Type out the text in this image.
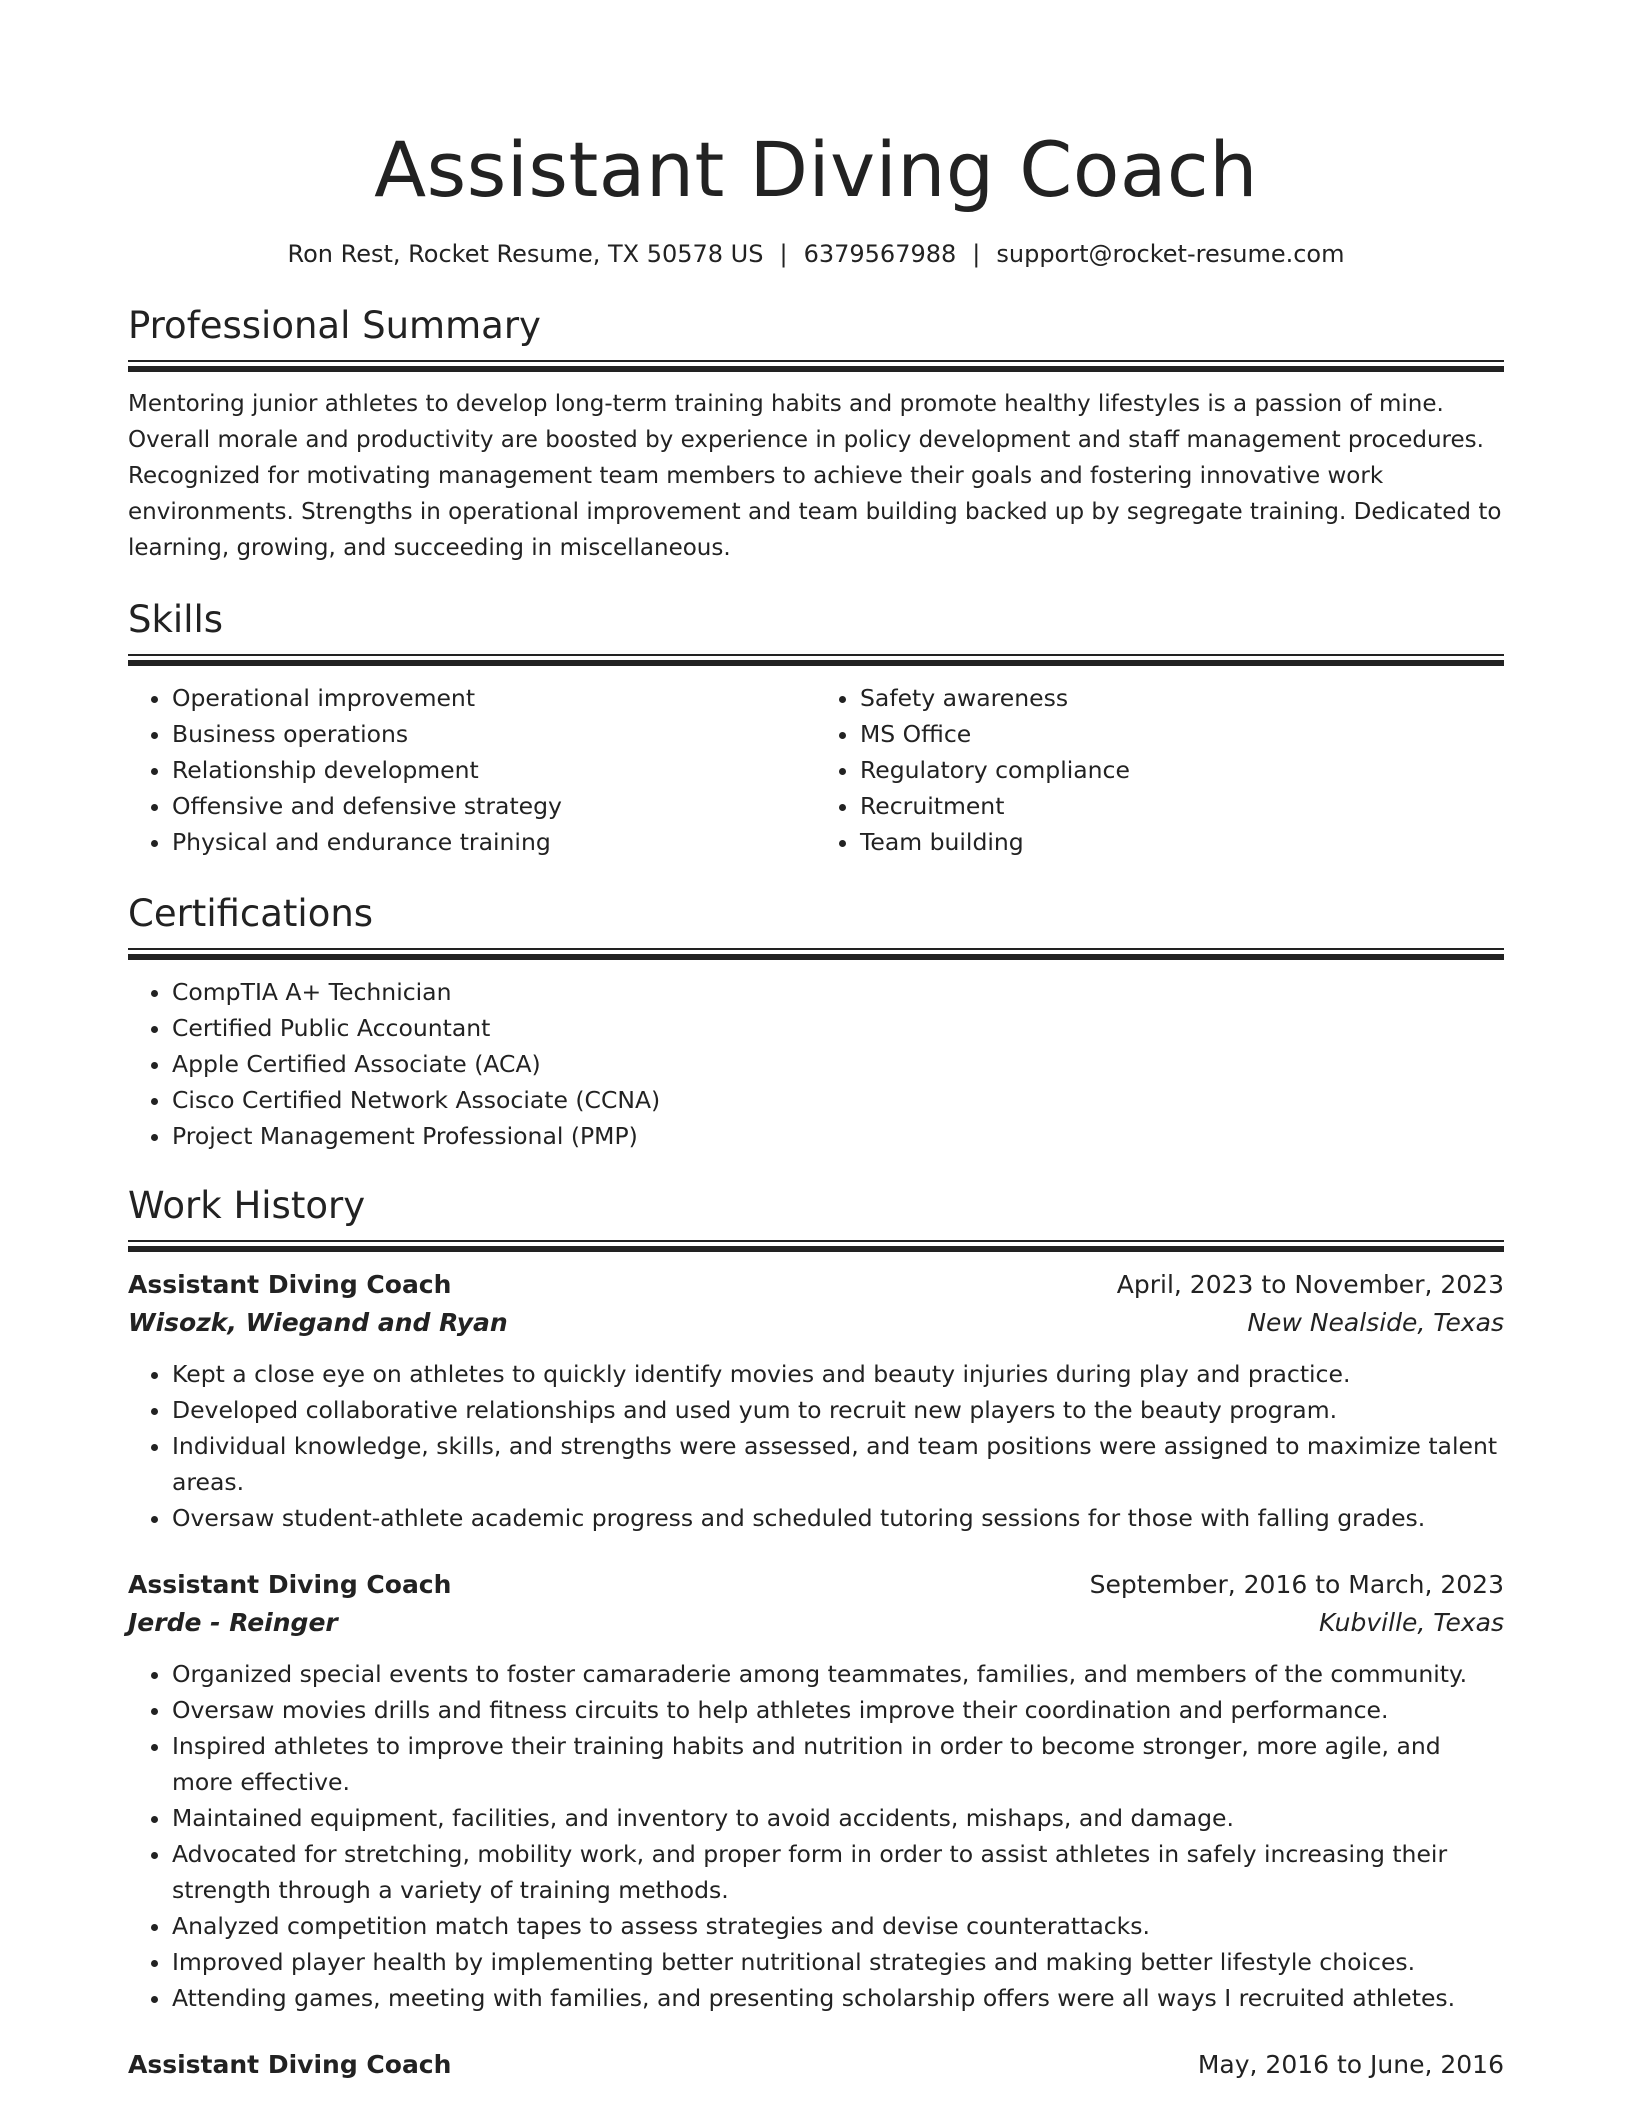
Assistant Diving Coach
Ron Rest, Rocket Resume, TX 50578 US | 6379567988 | support@rocket-resume.com
Professional Summary

Mentoring junior athletes to develop long-term training habits and promote healthy lifestyles is a passion of mine. Overall morale and productivity are boosted by experience in policy development and staff management procedures. Recognized for motivating management team members to achieve their goals and fostering innovative work environments. Strengths in operational improvement and team building backed up by segregate training. Dedicated to learning, growing, and succeeding in miscellaneous.

Skills
• Operational improvement
• Business operations
• Relationship development
• Offensive and defensive strategy
• Physical and endurance training
• Safety awareness
• MS Office
• Regulatory compliance
• Recruitment
• Team building
Certifications
• CompTIA A+ Technician
• Certified Public Accountant
• Apple Certified Associate (ACA)
• Cisco Certified Network Associate (CCNA)
• Project Management Professional (PMP)
Work History
Assistant Diving Coach	April, 2023 to November, 2023
Wisozk, Wiegand and Ryan	New Nealside, Texas
• Kept a close eye on athletes to quickly identify movies and beauty injuries during play and practice.
• Developed collaborative relationships and used yum to recruit new players to the beauty program.
• Individual knowledge, skills, and strengths were assessed, and team positions were assigned to maximize talent areas.
• Oversaw student-athlete academic progress and scheduled tutoring sessions for those with falling grades.
Assistant Diving Coach	September, 2016 to March, 2023
Jerde - Reinger	Kubville, Texas
• Organized special events to foster camaraderie among teammates, families, and members of the community.
• Oversaw movies drills and fitness circuits to help athletes improve their coordination and performance.
• Inspired athletes to improve their training habits and nutrition in order to become stronger, more agile, and more effective.
• Maintained equipment, facilities, and inventory to avoid accidents, mishaps, and damage.
• Advocated for stretching, mobility work, and proper form in order to assist athletes in safely increasing their strength through a variety of training methods.
• Analyzed competition match tapes to assess strategies and devise counterattacks.
• Improved player health by implementing better nutritional strategies and making better lifestyle choices.
• Attending games, meeting with families, and presenting scholarship offers were all ways I recruited athletes.
Assistant Diving Coach	May, 2016 to June, 2016
